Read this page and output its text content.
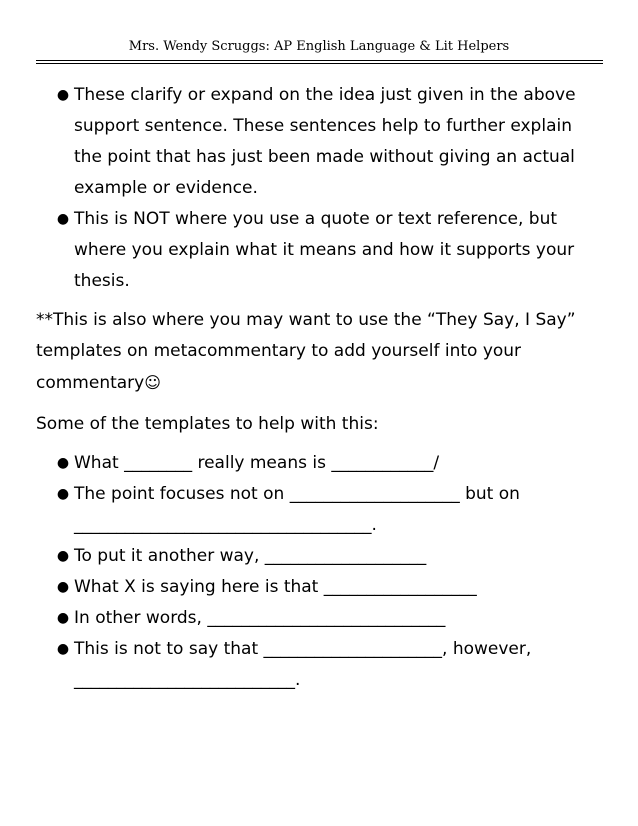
Mrs. Wendy Scruggs: AP English Language & Lit Helpers
● These clarify or expand on the idea just given in the above support sentence. These sentences help to further explain the point that has just been made without giving an actual example or evidence.
● This is NOT where you use a quote or text reference, but where you explain what it means and how it supports your thesis.

**This is also where you may want to use the “They Say, I Say” templates on metacommentary to add yourself into your commentary☺

Some of the templates to help with this:

● What ________ really means is ____________/
● The point focuses not on ____________________ but on ___________________________________.
● To put it another way, ___________________
● What X is saying here is that __________________
● In other words, ____________________________
● This is not to say that _____________________, however, __________________________.
